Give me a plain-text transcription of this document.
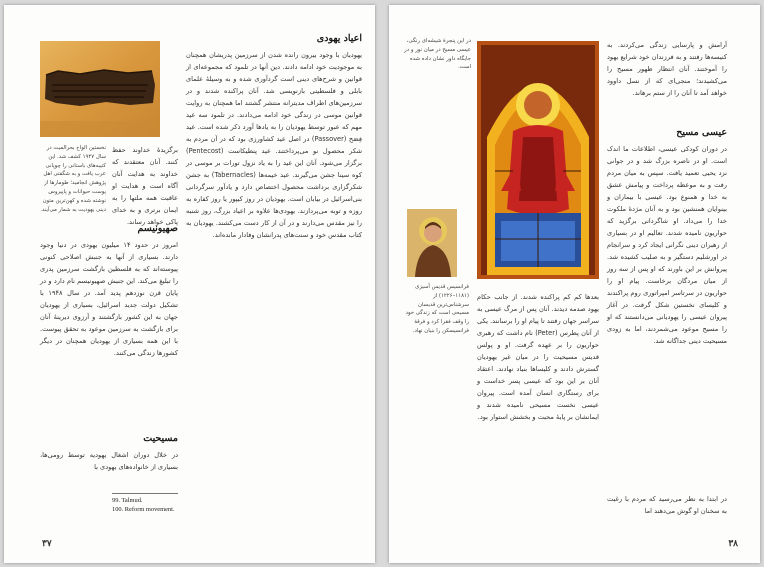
نخستین الواح بحرالمیت در سال ۱۹۴۷ کشف شد. این کتیبه‌های باستانی را چوپانی عرب یافت و به شگفتی اهل پژوهش انجامید؛ طومارها از پوست حیوانات و پاپیروس نوشته شده و کهن‌ترین متون دینی یهودیت به شمار می‌آیند.
اعیاد یهودی
یهودیان با وجود بیرون رانده شدن از سرزمین پدریشان همچنان به موجودیت خود ادامه دادند. دین آنها در تلمود که مجموعه‌ای از قوانین و شرح‌های دینی است گردآوری شده و به وسیلهٔ علمای بابلی و فلسطینی بازنویسی شد. آنان پراکنده شدند و در سرزمین‌های اطراف مدیترانه منتشر گشتند اما همچنان به روایت قوانین موسی در زندگی خود ادامه می‌دادند. در تلمود سه عید مهم که عبور توسط یهودیان را به یادها آورد ذکر شده است. عید فِصَح (Passover) در اصل عید کشاورزی بود که در آن مردم به شکر محصول نو می‌پرداختند. عید پنطیکاست (Pentecost) برگزار می‌شود. آنان این عید را به یاد نزول تورات بر موسی در کوه سینا جشن می‌گیرند. عید خیمه‌ها (Tabernacles) به جشن شکرگزاری برداشت محصول اختصاص دارد و یادآور سرگردانی بنی‌اسرائیل در بیابان است. یهودیان در روز کیپور یا روز کفاره به روزه و توبه می‌پردازند. یهودی‌ها علاوه بر اعیاد بزرگ، روز شنبه را نیز مقدس می‌دارند و در آن از کار دست می‌کشند. یهودیان به کتاب مقدس خود و سنت‌های پدرانشان وفادار مانده‌اند.
برگزیدهٔ خداوند حفظ کنند. آنان معتقدند که خداوند به هدایت آنان آگاه است و هدایت او عاقبت همه ملتها را به ایمان برتری و به خدای پاکی خواهد رساند.
صهیونیسم
امروز در حدود ۱۴ میلیون یهودی در دنیا وجود دارند. بسیاری از آنها به جنبش اصلاحی کنونی پیوسته‌اند که به فلسطین بازگشت سرزمین پدری را تبلیغ می‌کند. این جنبش صهیونیسم نام دارد و در پایان قرن نوزدهم پدید آمد. در سال ۱۹۴۸ با تشکیل دولت جدید اسرائیل، بسیاری از یهودیان جهان به این کشور بازگشتند و آرزوی دیرینهٔ آنان برای بازگشت به سرزمین موعود به تحقق پیوست. با این همه بسیاری از یهودیان همچنان در دیگر کشورها زندگی می‌کنند.
مسیحیت
در خلال دوران اشغال یهودیه توسط رومی‌ها، بسیاری از خانواده‌های یهودی با
99. Talmud.
100. Reform movement.
۳۷
آرامش و پارسایی زندگی می‌کردند. به کنیسه‌ها رفتند و به فرزندان خود شرایع یهود را آموختند. آنان انتظار ظهور مسیح را می‌کشیدند؛ منجی‌ای که از نسل داوود خواهد آمد تا آنان را از ستم برهاند.
عیسی مسیح
در دوران کودکی عیسی، اطلاعات ما اندک است. او در ناصره بزرگ شد و در جوانی نزد یحیی تعمید یافت. سپس به میان مردم رفت و به موعظه پرداخت و پیامش عشق به خدا و همنوع بود. عیسی با بیماران و بینوایان همنشین بود و به آنان مژدهٔ ملکوت خدا را می‌داد. او شاگردانی برگزید که حواریون نامیده شدند. تعالیم او در بسیاری از رهبران دینی نگرانی ایجاد کرد و سرانجام در اورشلیم دستگیر و به صلیب کشیده شد. پیروانش بر این باورند که او پس از سه روز از میان مردگان برخاست. پیام او را حواریون در سرتاسر امپراتوری روم پراکندند و کلیسای نخستین شکل گرفت. در آغاز پیروان عیسی را یهودیانی می‌دانستند که او را مسیح موعود می‌شمردند، اما به زودی مسیحیت دینی جداگانه شد.
در این پنجرهٔ شیشه‌ای رنگی، عیسی مسیح در میان نور و در جایگاه داور نشان داده شده است.
فرانسیس قدیس آسیزی (۱۱۸۱–۱۲۲۶) از سرشناس‌ترین قدیسان مسیحی است که زندگی خود را وقف فقرا کرد و فرقهٔ فرانسیسکن را بنیان نهاد.
بعدها کم کم پراکنده شدند. از جانب حکام یهود صدمه دیدند. آنان پس از مرگ عیسی به سراسر جهان رفتند تا پیام او را برسانند. یکی از آنان پطرس (Peter) نام داشت که رهبری حواریون را بر عهده گرفت. او و پولس قدیس مسیحیت را در میان غیر یهودیان گسترش دادند و کلیساها بنیاد نهادند. اعتقاد آنان بر این بود که عیسی پسر خداست و برای رستگاری انسان آمده است. پیروان عیسی نخست مسیحی نامیده شدند و ایمانشان بر پایهٔ محبت و بخشش استوار بود.
در ابتدا به نظر می‌رسید که مردم با رغبت به سخنان او گوش می‌دهند اما
۳۸
